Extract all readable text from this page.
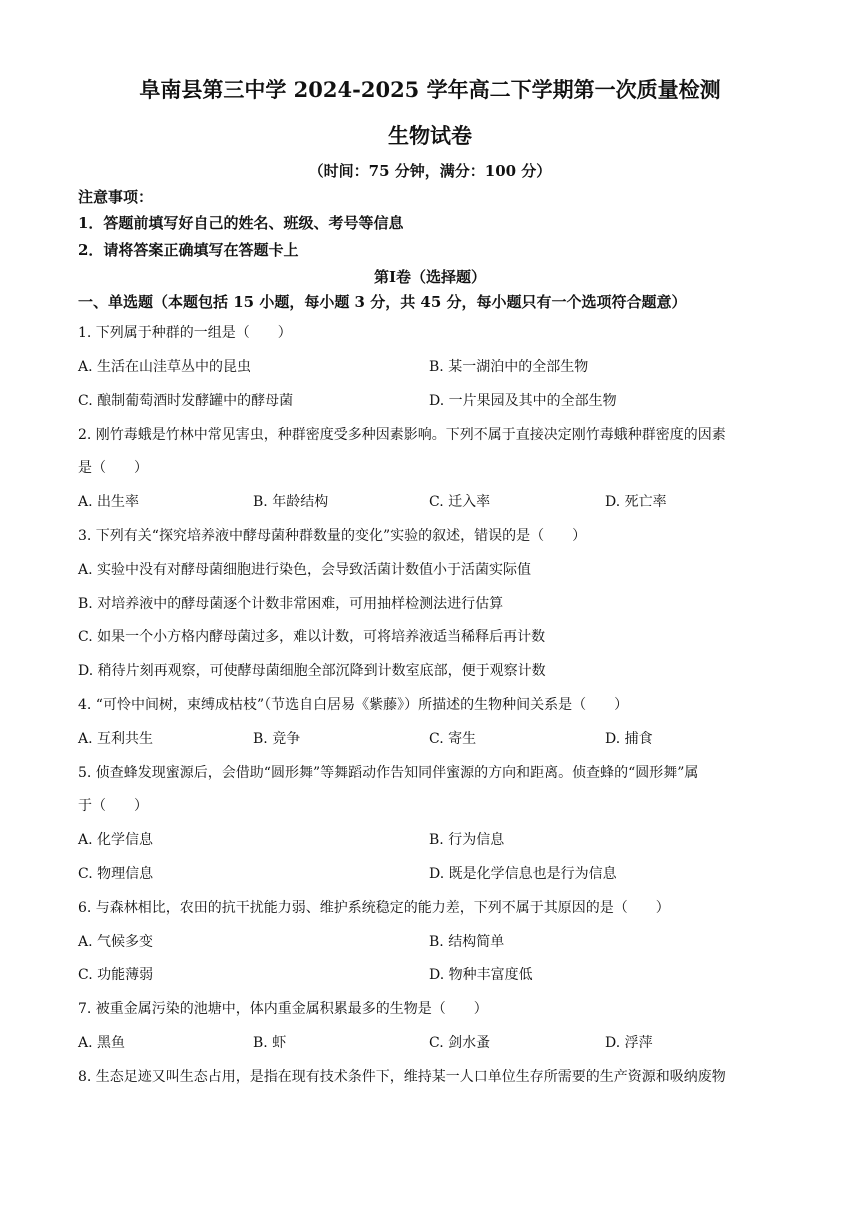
阜南县第三中学 2024-2025 学年高二下学期第一次质量检测
生物试卷
（时间：75 分钟，满分：100 分）
注意事项：
1．答题前填写好自己的姓名、班级、考号等信息
2．请将答案正确填写在答题卡上
第Ⅰ卷（选择题）
一、单选题（本题包括 15 小题，每小题 3 分，共 45 分，每小题只有一个选项符合题意）
1. 下列属于种群的一组是（　　）
A. 生活在山洼草丛中的昆虫	B. 某一湖泊中的全部生物
C. 酿制葡萄酒时发酵罐中的酵母菌	D. 一片果园及其中的全部生物
2. 刚竹毒蛾是竹林中常见害虫，种群密度受多种因素影响。下列不属于直接决定刚竹毒蛾种群密度的因素
是（　　）
A. 出生率	B. 年龄结构	C. 迁入率	D. 死亡率
3. 下列有关“探究培养液中酵母菌种群数量的变化”实验的叙述，错误的是（　　）
A. 实验中没有对酵母菌细胞进行染色，会导致活菌计数值小于活菌实际值
B. 对培养液中的酵母菌逐个计数非常困难，可用抽样检测法进行估算
C. 如果一个小方格内酵母菌过多，难以计数，可将培养液适当稀释后再计数
D. 稍待片刻再观察，可使酵母菌细胞全部沉降到计数室底部，便于观察计数
4. “可怜中间树，束缚成枯枝”（节选自白居易《紫藤》）所描述的生物种间关系是（　　）
A. 互利共生	B. 竞争	C. 寄生	D. 捕食
5. 侦查蜂发现蜜源后，会借助“圆形舞”等舞蹈动作告知同伴蜜源的方向和距离。侦查蜂的“圆形舞”属
于（　　）
A. 化学信息	B. 行为信息
C. 物理信息	D. 既是化学信息也是行为信息
6. 与森林相比，农田的抗干扰能力弱、维护系统稳定的能力差，下列不属于其原因的是（　　）
A. 气候多变	B. 结构简单
C. 功能薄弱	D. 物种丰富度低
7. 被重金属污染的池塘中，体内重金属积累最多的生物是（　　）
A. 黑鱼	B. 虾	C. 剑水蚤	D. 浮萍
8. 生态足迹又叫生态占用，是指在现有技术条件下，维持某一人口单位生存所需要的生产资源和吸纳废物
